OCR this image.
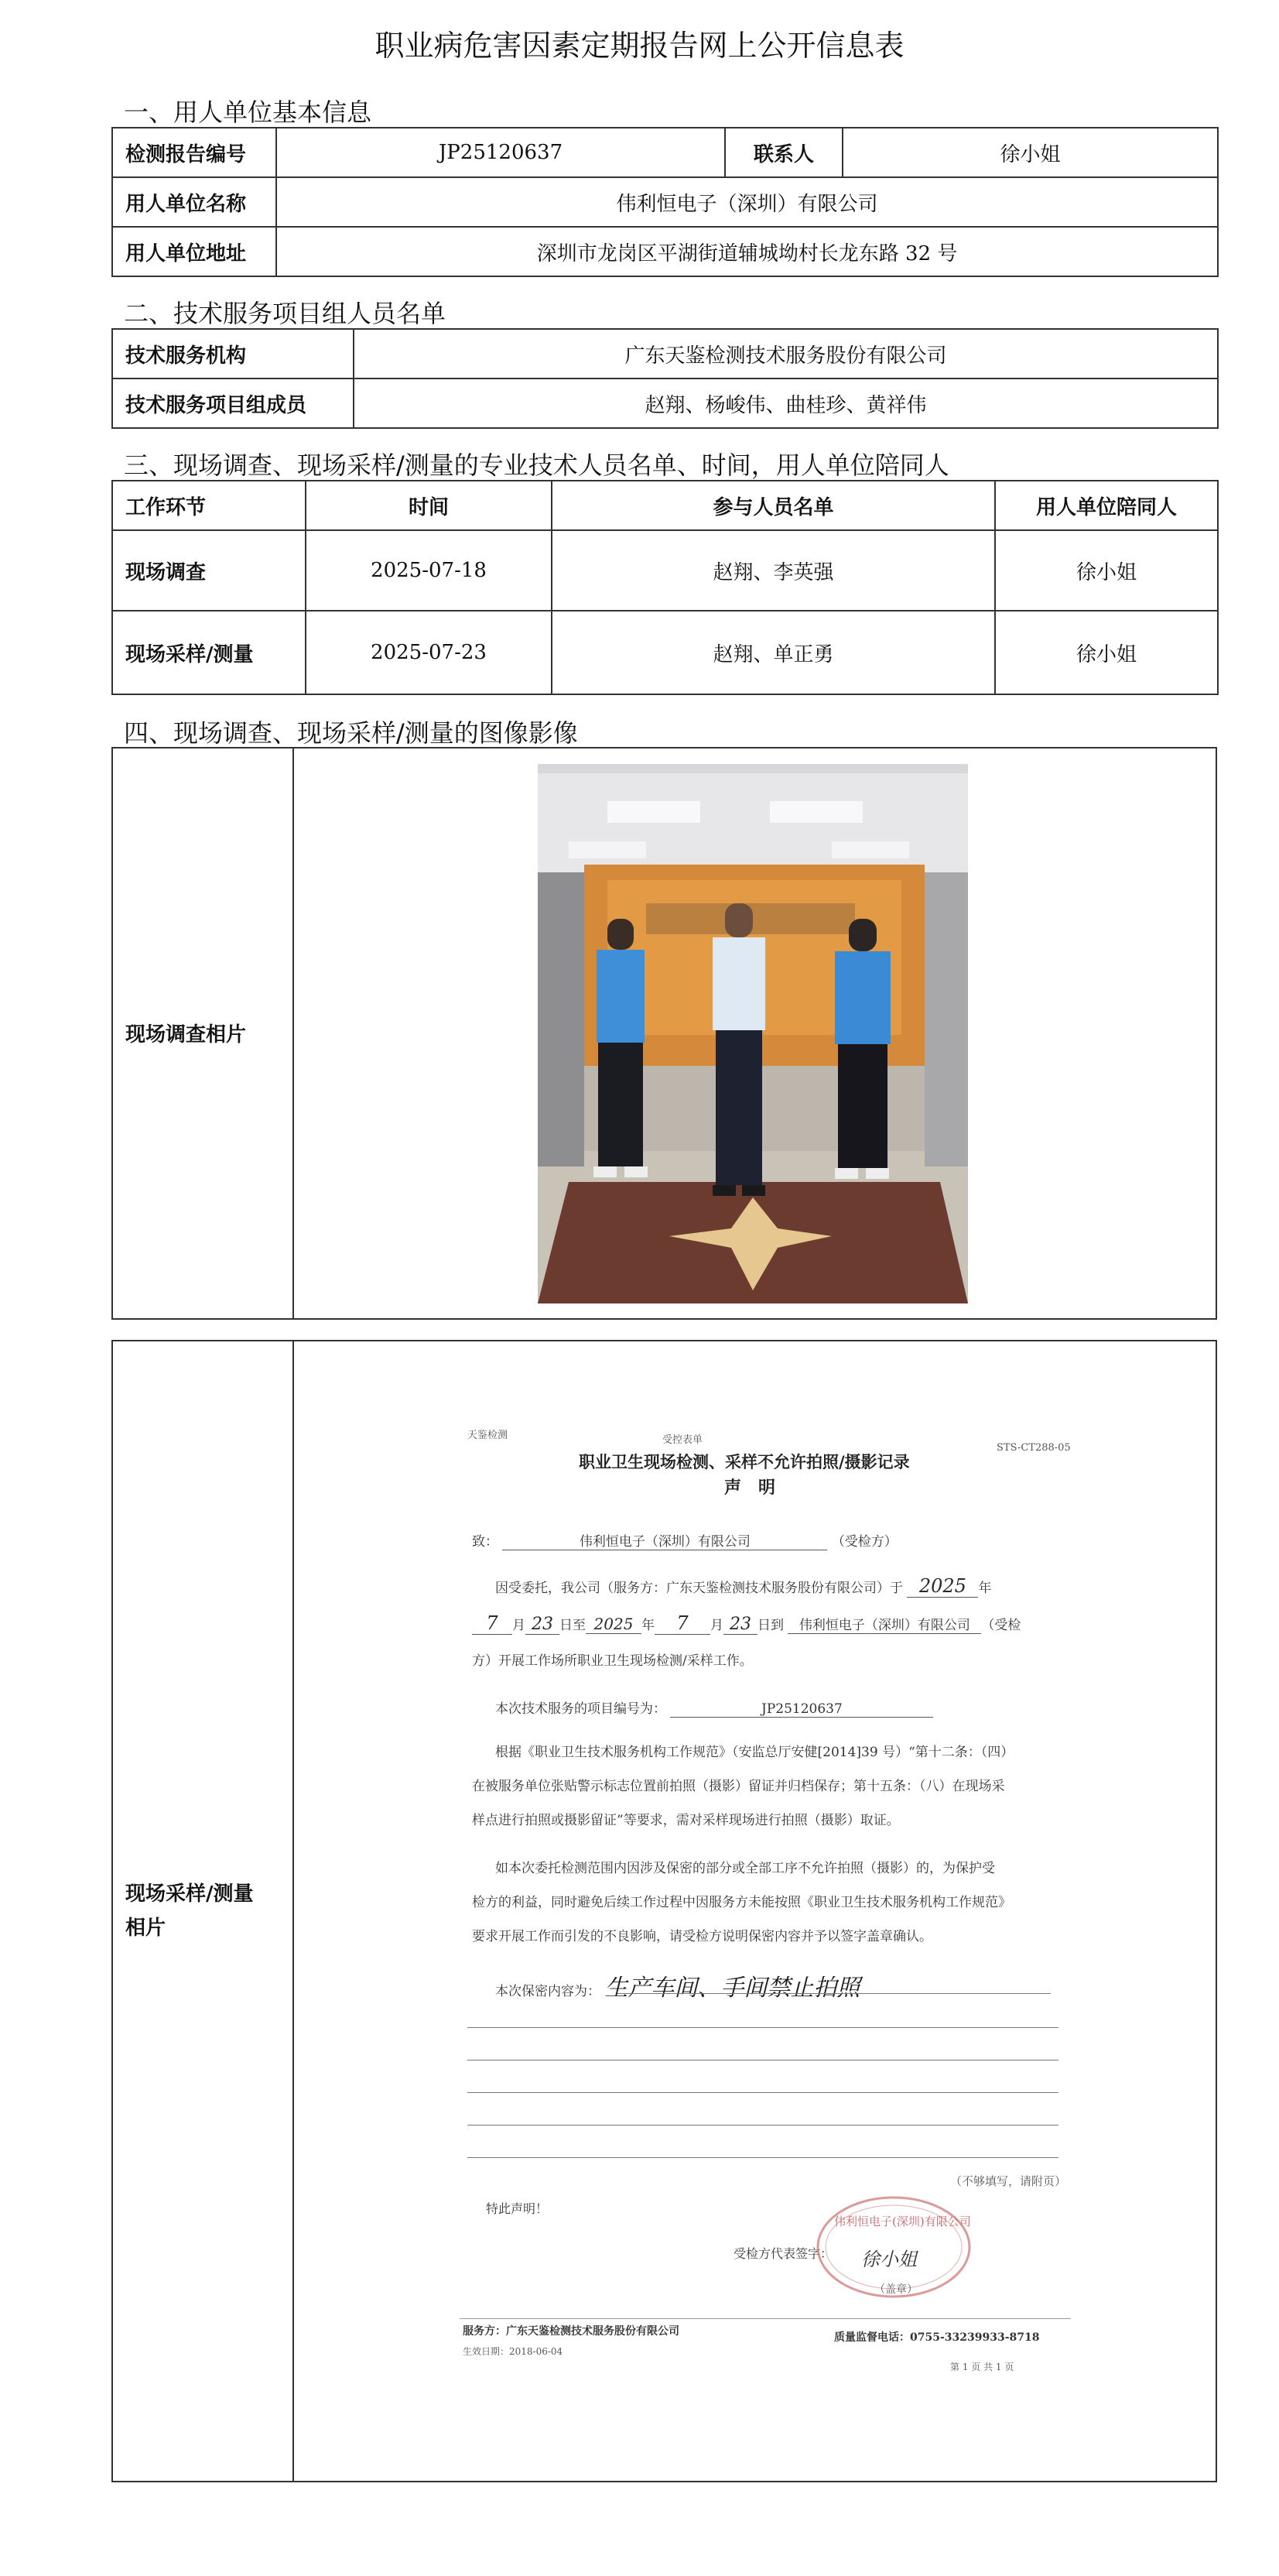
职业病危害因素定期报告网上公开信息表
一、用人单位基本信息
检测报告编号	JP25120637	联系人	徐小姐
用人单位名称	伟利恒电子（深圳）有限公司		
用人单位地址	深圳市龙岗区平湖街道辅城坳村长龙东路 32 号		
二、技术服务项目组人员名单
技术服务机构	广东天鉴检测技术服务股份有限公司
技术服务项目组成员	赵翔、杨峻伟、曲桂珍、黄祥伟
三、现场调查、现场采样/测量的专业技术人员名单、时间，用人单位陪同人
工作环节	时间	参与人员名单	用人单位陪同人
现场调查	2025-07-18	赵翔、李英强	徐小姐
现场采样/测量	2025-07-23	赵翔、单正勇	徐小姐
四、现场调查、现场采样/测量的图像影像
现场调查相片
现场采样/测量
相片
天鉴检测	受控表单
STS-CT288-05
职业卫生现场检测、采样不允许拍照/摄影记录
声　明
致：	伟利恒电子（深圳）有限公司	（受检方）
因受委托，我公司（服务方：广东天鉴检测技术服务股份有限公司）于 2025 年
7 月 23 日至 2025 年 7 月 23 日到 伟利恒电子（深圳）有限公司 （受检
方）开展工作场所职业卫生现场检测/采样工作。
本次技术服务的项目编号为：	JP25120637
根据《职业卫生技术服务机构工作规范》（安监总厅安健[2014]39 号）“第十二条：（四）
在被服务单位张贴警示标志位置前拍照（摄影）留证并归档保存；第十五条：（八）在现场采
样点进行拍照或摄影留证”等要求，需对采样现场进行拍照（摄影）取证。
如本次委托检测范围内因涉及保密的部分或全部工序不允许拍照（摄影）的，为保护受
检方的利益，同时避免后续工作过程中因服务方未能按照《职业卫生技术服务机构工作规范》
要求开展工作而引发的不良影响，请受检方说明保密内容并予以签字盖章确认。
本次保密内容为： 生产车间、手间禁止拍照
（不够填写，请附页）
特此声明！
受检方代表签字：
伟利恒电子(深圳)有限公司
徐小姐
（盖章）
服务方：广东天鉴检测技术服务股份有限公司	质量监督电话：0755-33239933-8718
生效日期：2018-06-04
第 1 页 共 1 页
